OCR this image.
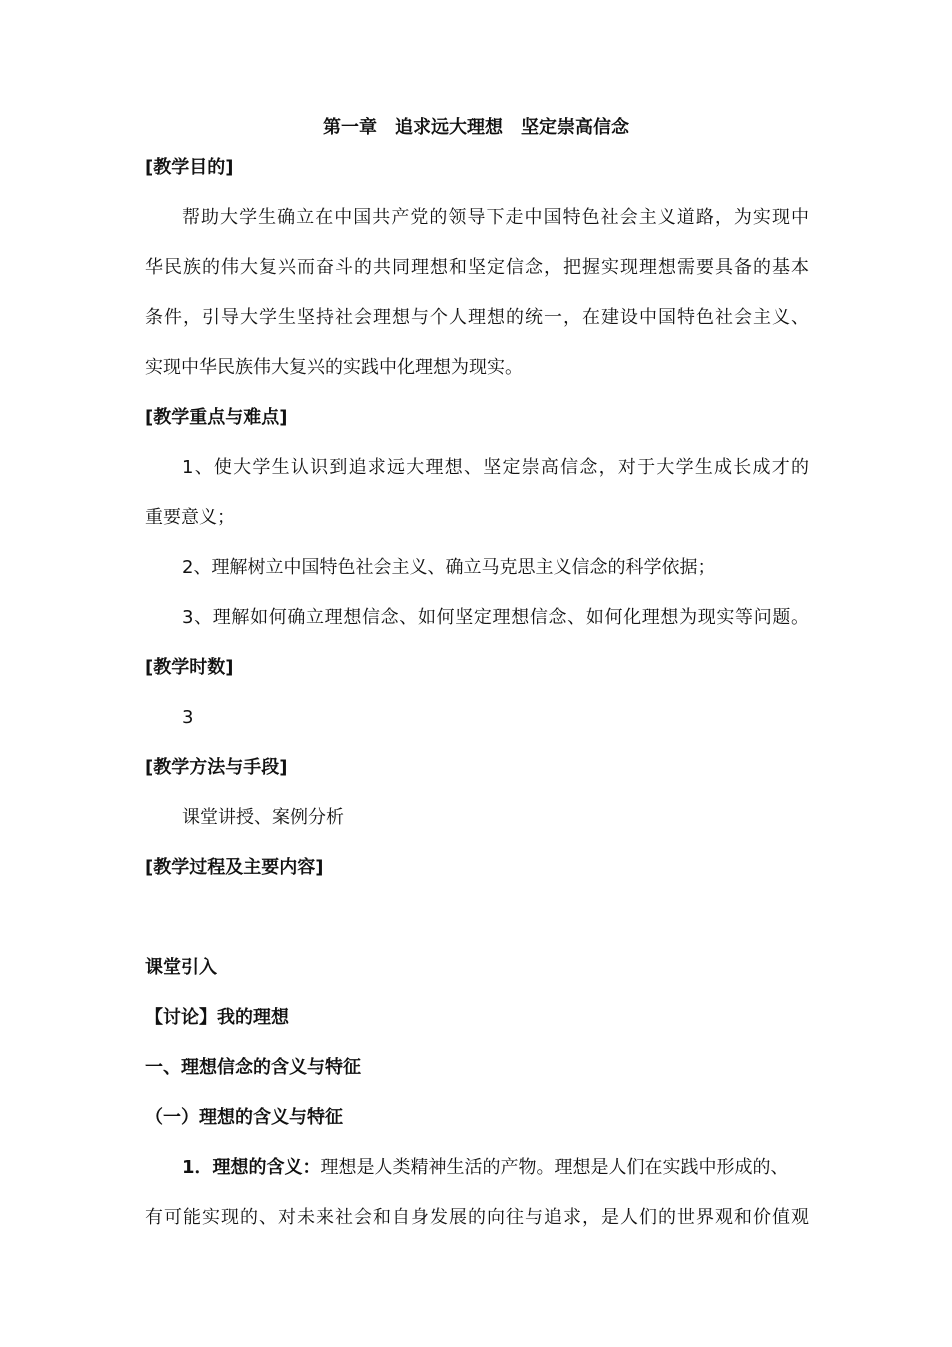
第一章　追求远大理想　坚定崇高信念
[教学目的]
帮助大学生确立在中国共产党的领导下走中国特色社会主义道路，为实现中
华民族的伟大复兴而奋斗的共同理想和坚定信念，把握实现理想需要具备的基本
条件，引导大学生坚持社会理想与个人理想的统一，在建设中国特色社会主义、
实现中华民族伟大复兴的实践中化理想为现实。
[教学重点与难点]
1、使大学生认识到追求远大理想、坚定崇高信念，对于大学生成长成才的
重要意义；
2、理解树立中国特色社会主义、确立马克思主义信念的科学依据；
3、理解如何确立理想信念、如何坚定理想信念、如何化理想为现实等问题。
[教学时数]
3
[教学方法与手段]
课堂讲授、案例分析
[教学过程及主要内容]
课堂引入
【讨论】我的理想
一、理想信念的含义与特征
（一）理想的含义与特征
1．理想的含义：理想是人类精神生活的产物。理想是人们在实践中形成的、
有可能实现的、对未来社会和自身发展的向往与追求，是人们的世界观和价值观
